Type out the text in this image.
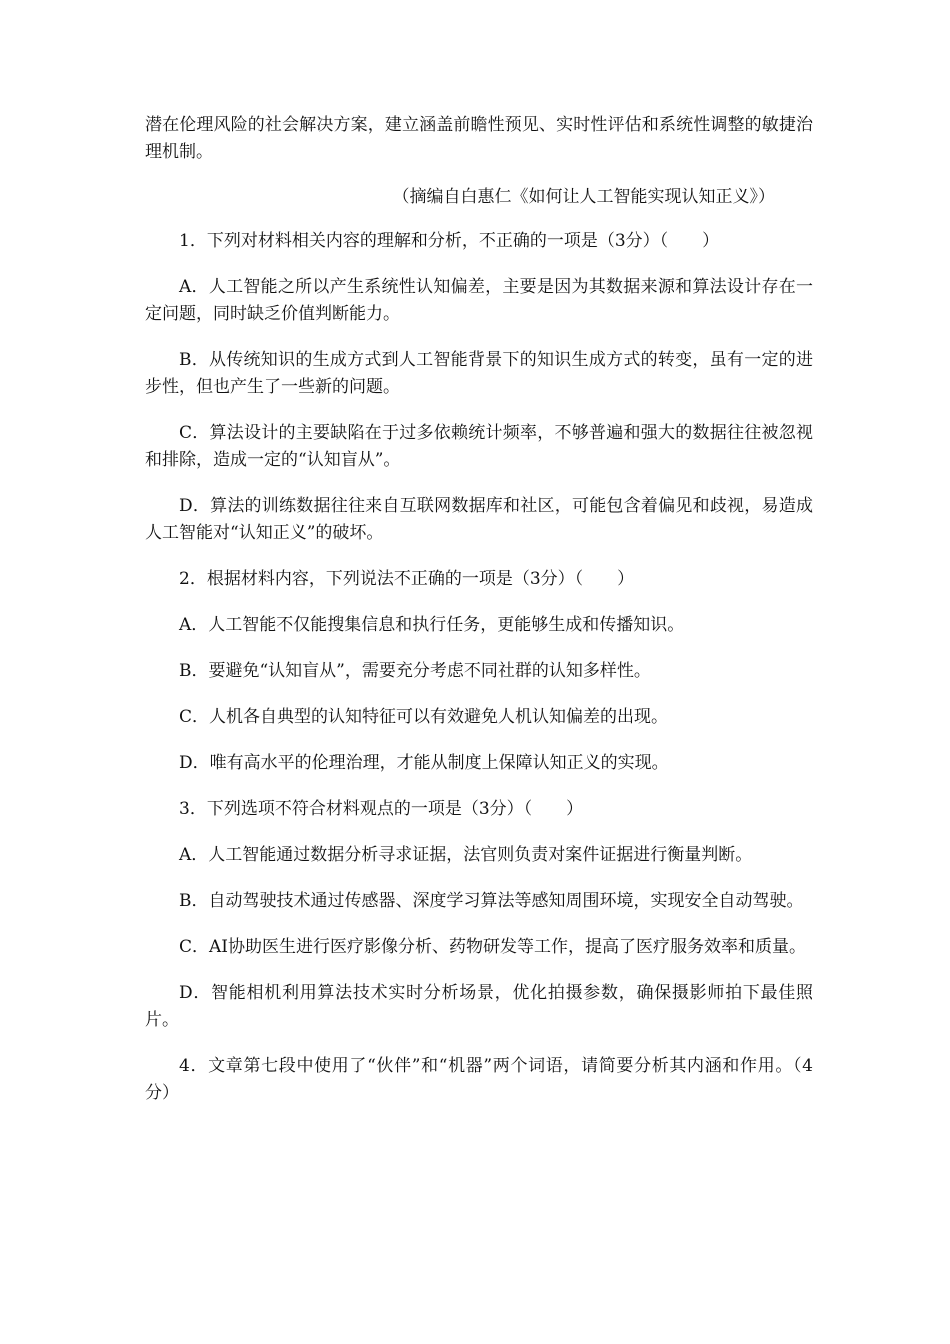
潜在伦理风险的社会解决方案，建立涵盖前瞻性预见、实时性评估和系统性调整的敏捷治理机制。

（摘编自白惠仁《如何让人工智能实现认知正义》）

1．下列对材料相关内容的理解和分析，不正确的一项是（3分）（　　）

A．人工智能之所以产生系统性认知偏差，主要是因为其数据来源和算法设计存在一定问题，同时缺乏价值判断能力。

B．从传统知识的生成方式到人工智能背景下的知识生成方式的转变，虽有一定的进步性，但也产生了一些新的问题。

C．算法设计的主要缺陷在于过多依赖统计频率，不够普遍和强大的数据往往被忽视和排除，造成一定的“认知盲从”。

D．算法的训练数据往往来自互联网数据库和社区，可能包含着偏见和歧视，易造成人工智能对“认知正义”的破坏。

2．根据材料内容，下列说法不正确的一项是（3分）（　　）

A．人工智能不仅能搜集信息和执行任务，更能够生成和传播知识。

B．要避免“认知盲从”，需要充分考虑不同社群的认知多样性。

C．人机各自典型的认知特征可以有效避免人机认知偏差的出现。

D．唯有高水平的伦理治理，才能从制度上保障认知正义的实现。

3．下列选项不符合材料观点的一项是（3分）（　　）

A．人工智能通过数据分析寻求证据，法官则负责对案件证据进行衡量判断。

B．自动驾驶技术通过传感器、深度学习算法等感知周围环境，实现安全自动驾驶。

C．AI协助医生进行医疗影像分析、药物研发等工作，提高了医疗服务效率和质量。

D．智能相机利用算法技术实时分析场景，优化拍摄参数，确保摄影师拍下最佳照片。

4．文章第七段中使用了“伙伴”和“机器”两个词语，请简要分析其内涵和作用。（4分）
